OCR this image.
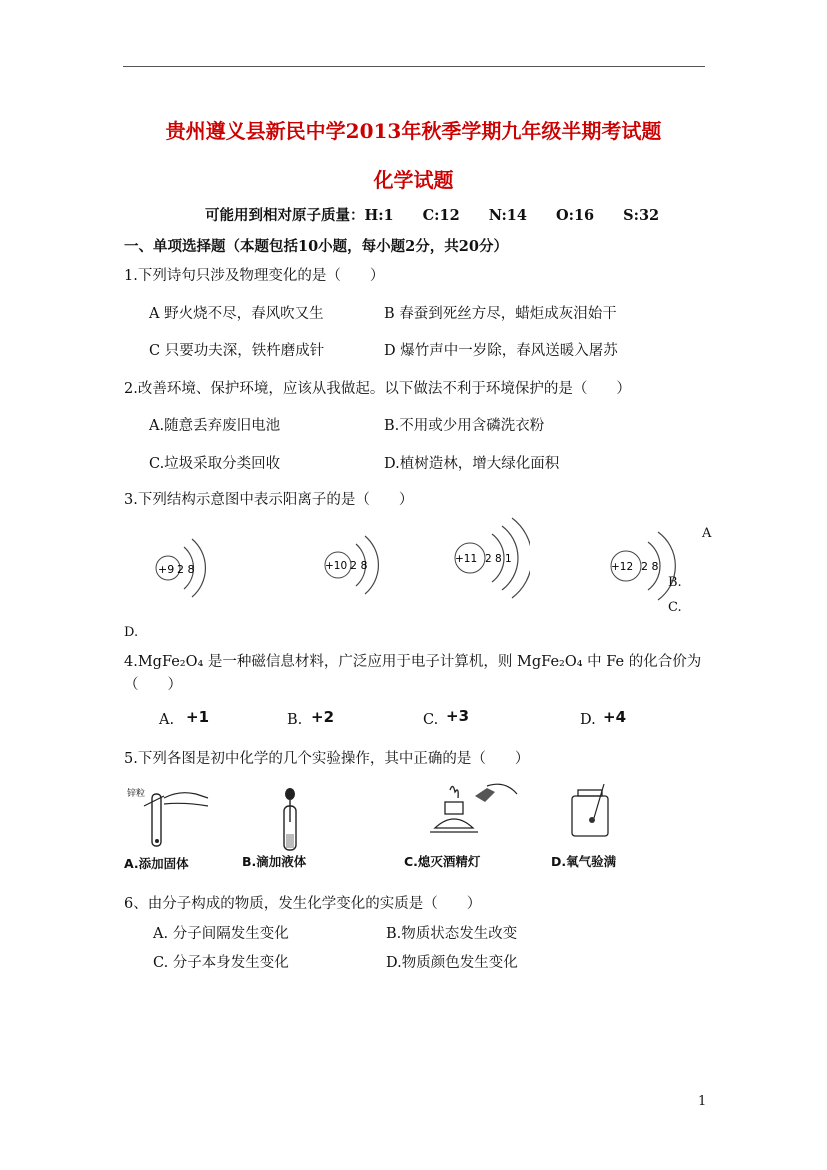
贵州遵义县新民中学2013年秋季学期九年级半期考试题
化学试题
可能用到相对原子质量：H:1　　C:12　　N:14　　O:16　　S:32
一、单项选择题（本题包括10小题，每小题2分，共20分）
1.下列诗句只涉及物理变化的是（　　）
A 野火烧不尽，春风吹又生	B 春蚕到死丝方尽，蜡炬成灰泪始干
C 只要功夫深，铁杵磨成针	D 爆竹声中一岁除，春风送暖入屠苏
2.改善环境、保护环境，应该从我做起。以下做法不利于环境保护的是（　　）
A.随意丢弃废旧电池	B.不用或少用含磷洗衣粉
C.垃圾采取分类回收	D.植树造林，增大绿化面积
3.下列结构示意图中表示阳离子的是（　　）
+9 2 8	+10 2 8	+11 2 8 1
+12 2 8
A
B.
C.
D.
4.MgFe₂O₄ 是一种磁信息材料，广泛应用于电子计算机，则 MgFe₂O₄ 中 Fe 的化合价为
（　　）
A. +1	B. +2	C. +3	D. +4
5.下列各图是初中化学的几个实验操作，其中正确的是（　　）
锌粒
A.添加固体	B.滴加液体	C.熄灭酒精灯	D.氧气验满
6、由分子构成的物质，发生化学变化的实质是（　　）
A. 分子间隔发生变化	B.物质状态发生改变
C. 分子本身发生变化	D.物质颜色发生变化
1
